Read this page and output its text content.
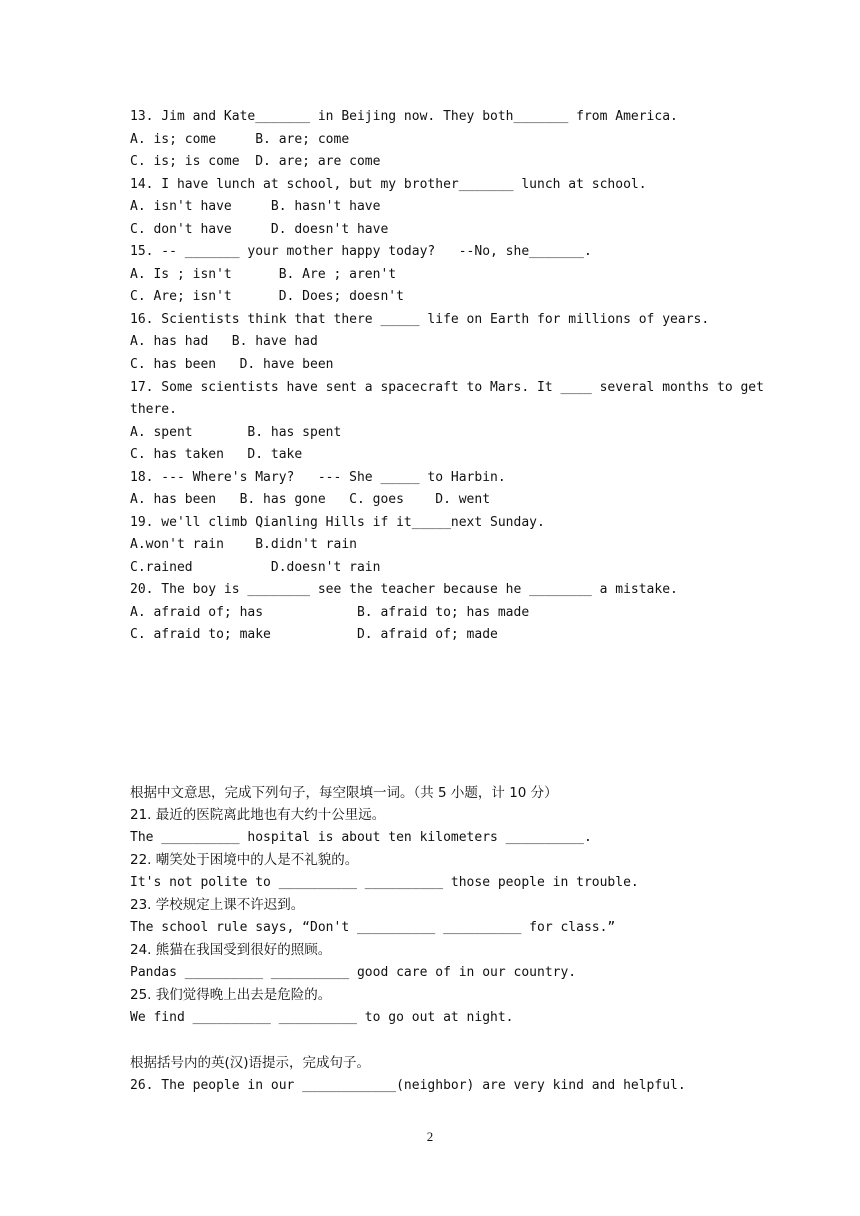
13. Jim and Kate_______ in Beijing now. They both_______ from America.
A. is; come     B. are; come
C. is; is come  D. are; are come
14. I have lunch at school, but my brother_______ lunch at school.
A. isn't have     B. hasn't have
C. don't have     D. doesn't have
15. -- _______ your mother happy today?   --No, she_______.
A. Is ; isn't      B. Are ; aren't
C. Are; isn't      D. Does; doesn't
16. Scientists think that there _____ life on Earth for millions of years.
A. has had   B. have had
C. has been   D. have been
17. Some scientists have sent a spacecraft to Mars. It ____ several months to get
there.
A. spent       B. has spent
C. has taken   D. take
18. --- Where's Mary?   --- She _____ to Harbin.
A. has been   B. has gone   C. goes    D. went
19. we'll climb Qianling Hills if it_____next Sunday.
A.won't rain    B.didn't rain
C.rained          D.doesn't rain
20. The boy is ________ see the teacher because he ________ a mistake.
A. afraid of; has            B. afraid to; has made
C. afraid to; make           D. afraid of; made
根据中文意思，完成下列句子，每空限填一词。（共 5 小题，计 10 分）
21. 最近的医院离此地也有大约十公里远。
The __________ hospital is about ten kilometers __________.
22. 嘲笑处于困境中的人是不礼貌的。
It's not polite to __________ __________ those people in trouble.
23. 学校规定上课不许迟到。
The school rule says, “Don't __________ __________ for class.”
24. 熊猫在我国受到很好的照顾。
Pandas __________ __________ good care of in our country.
25. 我们觉得晚上出去是危险的。
We find __________ __________ to go out at night.
根据括号内的英(汉)语提示，完成句子。
26. The people in our ____________(neighbor) are very kind and helpful.
2
